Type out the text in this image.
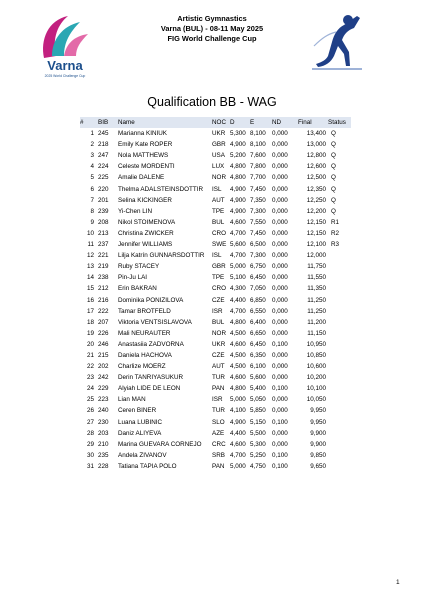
Varna
2025 World Challenge Cup
Artistic Gymnastics
Varna (BUL) - 08-11 May 2025
FIG World Challenge Cup
Qualification BB - WAG
#	BIB	Name	NOC	D	E	ND	Final	Status
1	245	Marianna KINIUK	UKR	5,300	8,100	0,000	13,400	Q
2	218	Emily Kate ROPER	GBR	4,900	8,100	0,000	13,000	Q
3	247	Nola MATTHEWS	USA	5,200	7,600	0,000	12,800	Q
4	224	Celeste MORDENTI	LUX	4,800	7,800	0,000	12,600	Q
5	225	Amalie DALENE	NOR	4,800	7,700	0,000	12,500	Q
6	220	Thelma ADALSTEINSDOTTIR	ISL	4,900	7,450	0,000	12,350	Q
7	201	Selina KICKINGER	AUT	4,900	7,350	0,000	12,250	Q
8	239	Yi-Chen LIN	TPE	4,900	7,300	0,000	12,200	Q
9	208	Nikol STOIMENOVA	BUL	4,600	7,550	0,000	12,150	R1
10	213	Christina ZWICKER	CRO	4,700	7,450	0,000	12,150	R2
11	237	Jennifer WILLIAMS	SWE	5,600	6,500	0,000	12,100	R3
12	221	Lilja Katrín GUNNARSDOTTIR	ISL	4,700	7,300	0,000	12,000	
13	219	Ruby STACEY	GBR	5,000	6,750	0,000	11,750	
14	238	Pin-Ju LAI	TPE	5,100	6,450	0,000	11,550	
15	212	Erin BAKRAN	CRO	4,300	7,050	0,000	11,350	
16	216	Dominika PONIZILOVA	CZE	4,400	6,850	0,000	11,250	
17	222	Tamar BROTFELD	ISR	4,700	6,550	0,000	11,250	
18	207	Viktoria VENTSISLAVOVA	BUL	4,800	6,400	0,000	11,200	
19	226	Mali NEURAUTER	NOR	4,500	6,650	0,000	11,150	
20	246	Anastasiia ZADVORNA	UKR	4,600	6,450	0,100	10,950	
21	215	Daniela HACHOVA	CZE	4,500	6,350	0,000	10,850	
22	202	Charlize MOERZ	AUT	4,500	6,100	0,000	10,600	
23	242	Derin TANRIYASUKUR	TUR	4,600	5,600	0,000	10,200	
24	229	Alyiah LIDE DE LEON	PAN	4,800	5,400	0,100	10,100	
25	223	Lian MAN	ISR	5,000	5,050	0,000	10,050	
26	240	Ceren BINER	TUR	4,100	5,850	0,000	9,950	
27	230	Luana LUBINIC	SLO	4,900	5,150	0,100	9,950	
28	203	Daniz ALIYEVA	AZE	4,400	5,500	0,000	9,900	
29	210	Marina GUEVARA CORNEJO	CRC	4,600	5,300	0,000	9,900	
30	235	Andela ZIVANOV	SRB	4,700	5,250	0,100	9,850	
31	228	Tatiana TAPIA POLO	PAN	5,000	4,750	0,100	9,650	
1
